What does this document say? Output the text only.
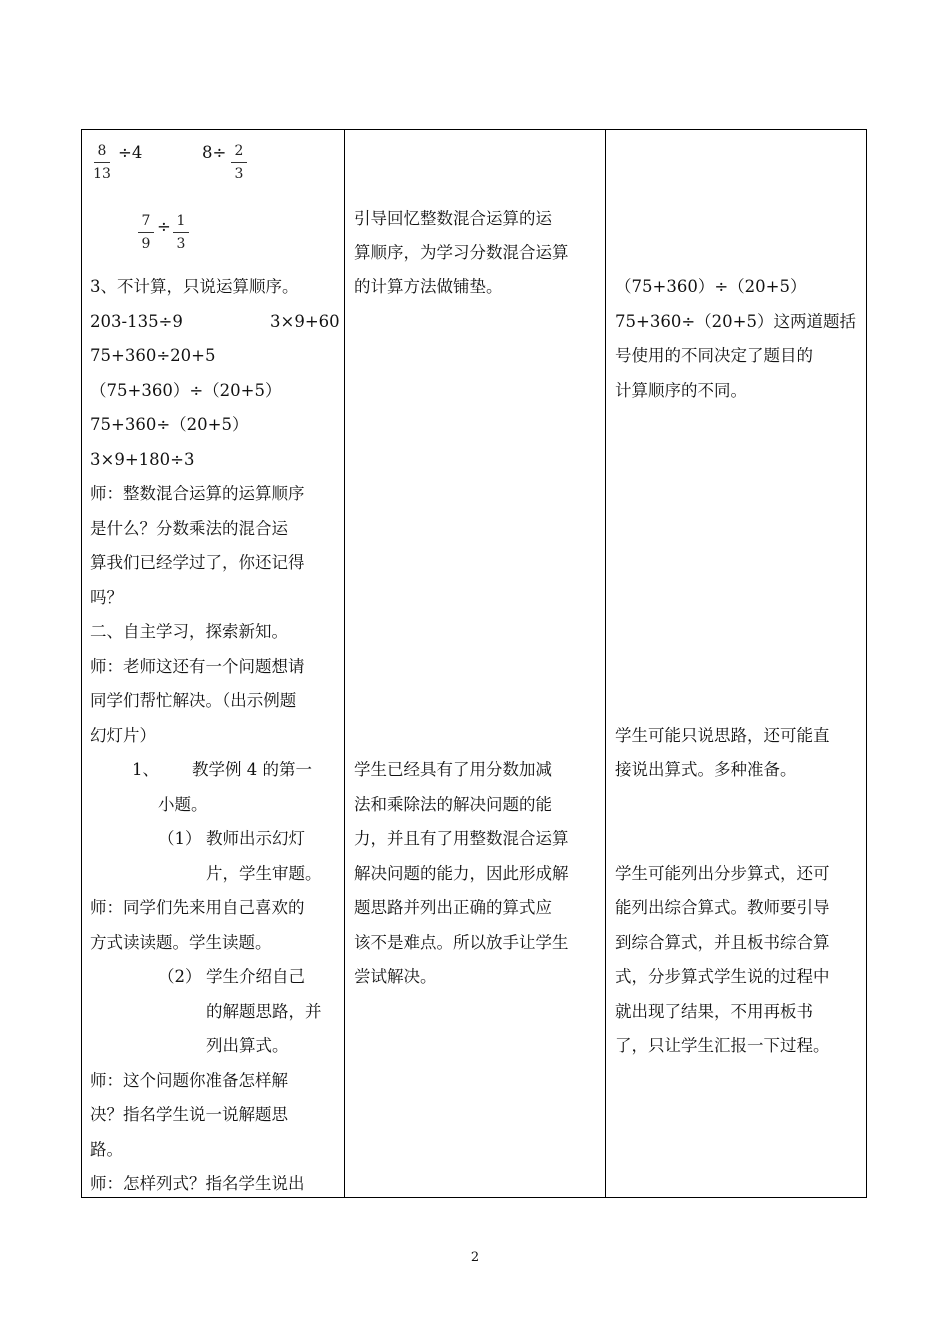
8
13
÷4	8÷ 2
3
7
9
÷ 1
3
3、不计算，只说运算顺序。
203-135÷9	3×9+60
75+360÷20+5
（75+360）÷（20+5）
75+360÷（20+5）
3×9+180÷3
师：整数混合运算的运算顺序
是什么？分数乘法的混合运
算我们已经学过了，你还记得
吗？
二、自主学习，探索新知。
师：老师这还有一个问题想请
同学们帮忙解决。（出示例题
幻灯片）
1、 教学例 4 的第一
小题。
（1） 教师出示幻灯
片，学生审题。
师：同学们先来用自己喜欢的
方式读读题。学生读题。
（2） 学生介绍自己
的解题思路，并
列出算式。
师：这个问题你准备怎样解
决？指名学生说一说解题思
路。
师：怎样列式？指名学生说出
引导回忆整数混合运算的运
算顺序，为学习分数混合运算
的计算方法做铺垫。
学生已经具有了用分数加减
法和乘除法的解决问题的能
力，并且有了用整数混合运算
解决问题的能力，因此形成解
题思路并列出正确的算式应
该不是难点。所以放手让学生
尝试解决。
（75+360）÷（20+5）
75+360÷（20+5）这两道题括
号使用的不同决定了题目的
计算顺序的不同。
学生可能只说思路，还可能直
接说出算式。多种准备。
学生可能列出分步算式，还可
能列出综合算式。教师要引导
到综合算式，并且板书综合算
式，分步算式学生说的过程中
就出现了结果，不用再板书
了，只让学生汇报一下过程。
2
